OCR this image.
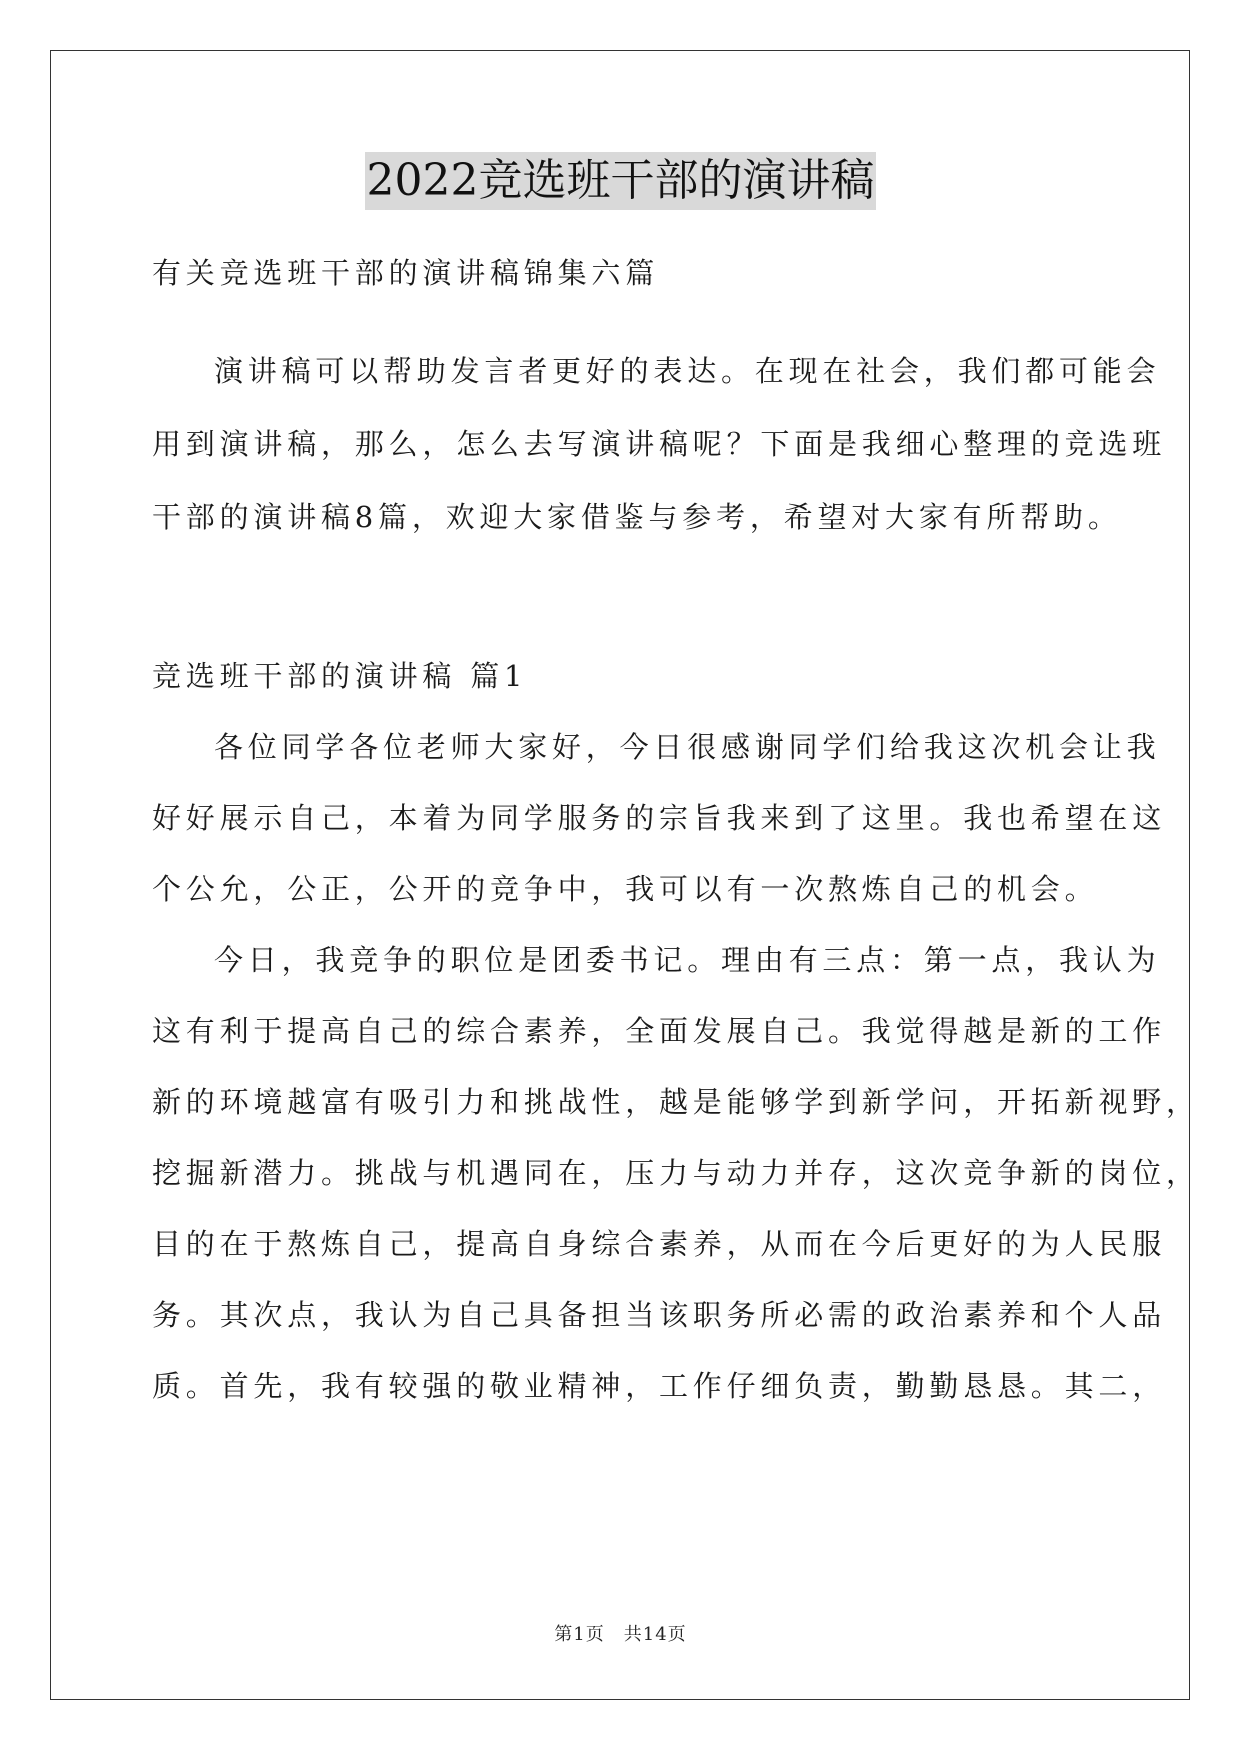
2022竞选班干部的演讲稿
有关竞选班干部的演讲稿锦集六篇
演讲稿可以帮助发言者更好的表达。在现在社会，我们都可能会
用到演讲稿，那么，怎么去写演讲稿呢？下面是我细心整理的竞选班
干部的演讲稿8篇，欢迎大家借鉴与参考，希望对大家有所帮助。
竞选班干部的演讲稿 篇1
各位同学各位老师大家好，今日很感谢同学们给我这次机会让我
好好展示自己，本着为同学服务的宗旨我来到了这里。我也希望在这
个公允，公正，公开的竞争中，我可以有一次熬炼自己的机会。
今日，我竞争的职位是团委书记。理由有三点：第一点，我认为
这有利于提高自己的综合素养，全面发展自己。我觉得越是新的工作
新的环境越富有吸引力和挑战性，越是能够学到新学问，开拓新视野，
挖掘新潜力。挑战与机遇同在，压力与动力并存，这次竞争新的岗位，
目的在于熬炼自己，提高自身综合素养，从而在今后更好的为人民服
务。其次点，我认为自己具备担当该职务所必需的政治素养和个人品
质。首先，我有较强的敬业精神，工作仔细负责，勤勤恳恳。其二，
第1页　共14页
